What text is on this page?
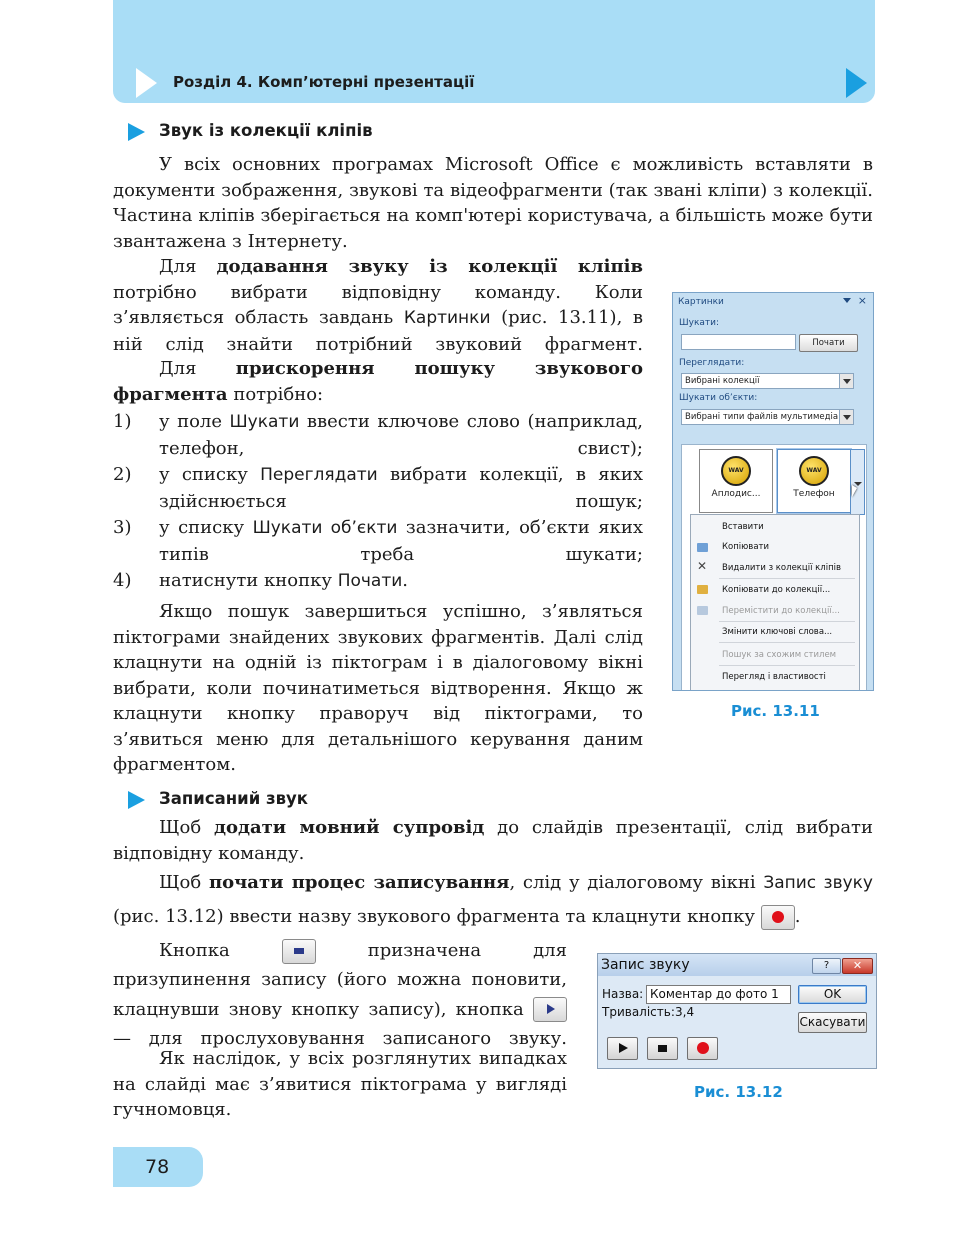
Розділ 4. Комп’ютерні презентації
Звук із колекції кліпів

У всіх основних програмах Microsoft Office є можливість вставляти в документи зображення, звукові та відеофрагменти (так звані кліпи) з колекції. Частина кліпів зберігається на комп'ютері користувача, а більшість може бути звантажена з Інтернету.

Для додавання звуку із колекції кліпів потрібно вибрати відповідну команду. Коли з’являється область завдань Картинки (рис. 13.11), в ній слід знайти потрібний звуковий фрагмент.

Для прискорення пошуку звукового фрагмента потрібно:

1) у поле Шукати ввести ключове слово (наприклад, телефон, свист);

2) у списку Переглядати вибрати колекції, в яких здійснюється пошук;

3) у списку Шукати об’єкти зазначити, об’єкти яких типів треба шукати;

4) натиснути кнопку Почати.

Якщо пошук завершиться успішно, з’являться піктограми знайдених звукових фрагментів. Далі слід клацнути на одній із піктограм і в діалоговому вікні вибрати, коли починатиметься відтворення. Якщо ж клацнути кнопку праворуч від піктограми, то з’явиться меню для детальнішого керування даним фрагментом.

Картинки	×
Шукати:
Почати
Переглядати:
Вибрані колекції
Шукати об’єкти:
Вибрані типи файлів мультимедіа
WAV
Аплодис...
WAV
Телефон
Вставити
Копіювати
✕ Видалити з колекції кліпів
Копіювати до колекції...
Перемістити до колекції...
Змінити ключові слова...
Пошук за схожим стилем
Перегляд і властивості
Рис. 13.11
Записаний звук

Щоб додати мовний супровід до слайдів презентації, слід вибрати відповідну команду.

Щоб почати процес записування, слід у діалоговому вікні Запис звуку (рис. 13.12) ввести назву звукового фрагмента та клацнути кнопку .

Кнопка	призначена для призупинення запису (його можна поновити, клацнувши знову кнопку запису), кнопка
— для прослуховування записаного звуку.

Як наслідок, у всіх розглянутих випадках на слайді має з’явитися піктограма у вигляді гучномовця.

Запис звуку	?	✕
Назва: Коментар до фото 1
Тривалість: 3,4
OK
Скасувати
Рис. 13.12
78
